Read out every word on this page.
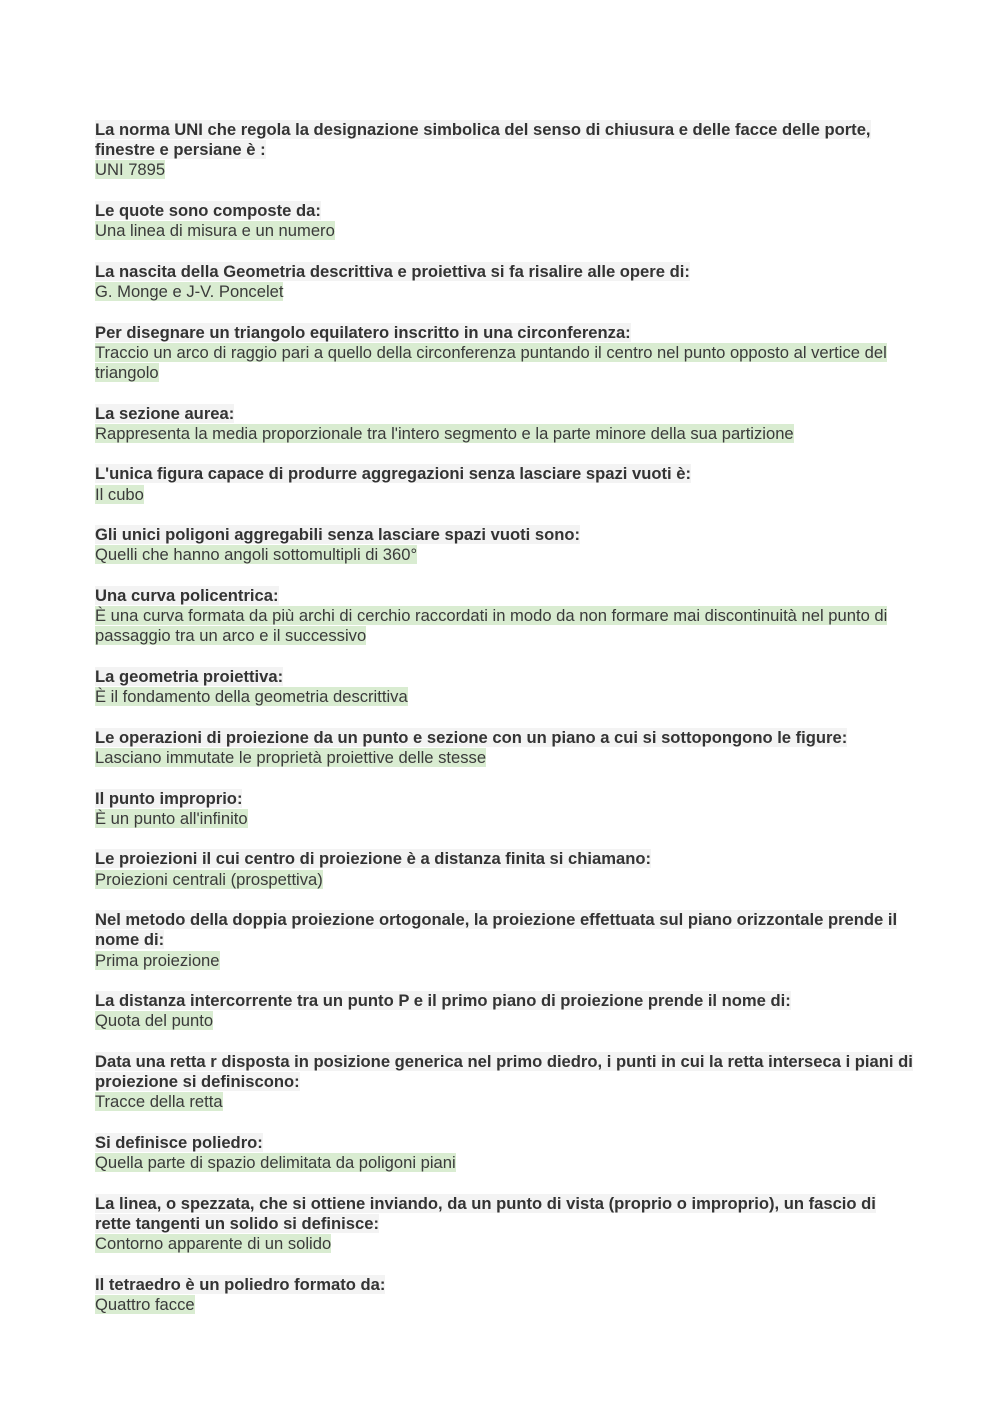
La norma UNI che regola la designazione simbolica del senso di chiusura e delle facce delle porte, finestre e persiane è :

UNI 7895

Le quote sono composte da:

Una linea di misura e un numero

La nascita della Geometria descrittiva e proiettiva si fa risalire alle opere di:

G. Monge e J-V. Poncelet

Per disegnare un triangolo equilatero inscritto in una circonferenza:

Traccio un arco di raggio pari a quello della circonferenza puntando il centro nel punto opposto al vertice del triangolo

La sezione aurea:

Rappresenta la media proporzionale tra l'intero segmento e la parte minore della sua partizione

L'unica figura capace di produrre aggregazioni senza lasciare spazi vuoti è:

Il cubo

Gli unici poligoni aggregabili senza lasciare spazi vuoti sono:

Quelli che hanno angoli sottomultipli di 360°

Una curva policentrica:

È una curva formata da più archi di cerchio raccordati in modo da non formare mai discontinuità nel punto di passaggio tra un arco e il successivo

La geometria proiettiva:

È il fondamento della geometria descrittiva

Le operazioni di proiezione da un punto e sezione con un piano a cui si sottopongono le figure:

Lasciano immutate le proprietà proiettive delle stesse

Il punto improprio:

È un punto all'infinito

Le proiezioni il cui centro di proiezione è a distanza finita si chiamano:

Proiezioni centrali (prospettiva)

Nel metodo della doppia proiezione ortogonale, la proiezione effettuata sul piano orizzontale prende il nome di:

Prima proiezione

La distanza intercorrente tra un punto P e il primo piano di proiezione prende il nome di:

Quota del punto

Data una retta r disposta in posizione generica nel primo diedro, i punti in cui la retta interseca i piani di proiezione si definiscono:

Tracce della retta

Si definisce poliedro:

Quella parte di spazio delimitata da poligoni piani

La linea, o spezzata, che si ottiene inviando, da un punto di vista (proprio o improprio), un fascio di rette tangenti un solido si definisce:

Contorno apparente di un solido

Il tetraedro è un poliedro formato da:

Quattro facce
